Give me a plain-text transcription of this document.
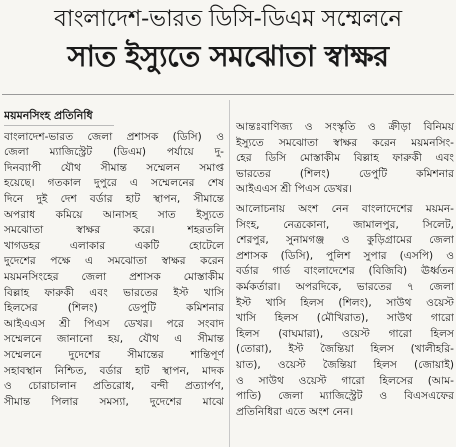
বাংলাদেশ-ভারত ডিসি-ডিএম সম্মেলনে
সাত ইস্যুতে সমঝোতা স্বাক্ষর
ময়মনসিংহ প্রতিনিধি
বাংলাদেশ-ভারত জেলা প্রশাসক (ডিসি) ও
জেলা ম্যাজিস্ট্রেট (ডিএম) পর্যায়ে দু-
দিনব্যাপী যৌথ সীমান্ত সম্মেলন সমাপ্ত
হয়েছে। গতকাল দুপুরে এ সম্মেলনের শেষ
দিনে দুই দেশ বর্ডার হাট স্থাপন, সীমান্তে
অপরাধ কমিয়ে আনাসহ সাত ইস্যুতে
সমঝোতা স্বাক্ষর করে। শহরতলি
খাগডহর এলাকার একটি হোটেলে
দুদেশের পক্ষে এ সমঝোতা স্বাক্ষর করেন
ময়মনসিংহের জেলা প্রশাসক মোস্তাকীম
বিল্লাহ ফারুকী এবং ভারতের ইস্ট খাসি
হিলসের (শিলং) ডেপুটি কমিশনার
আইএএস শ্রী পিএস ডেখর। পরে সংবাদ
সম্মেলনে জানানো হয়, যৌথ এ সীমান্ত
সম্মেলনে দুদেশের সীমান্তের শান্তিপূর্ণ
সহাবস্থান নিশ্চিত, বর্ডার হাট স্থাপন, মাদক
ও চোরাচালান প্রতিরোধ, বন্দী প্রত্যার্পণ,
সীমান্ত পিলার সমস্যা, দুদেশের মাঝে
আন্তঃবাণিজ্য ও সংস্কৃতি ও ক্রীড়া বিনিময়
ইস্যুতে সমঝোতা স্বাক্ষর করেন ময়মনসিং-
হের ডিসি মোস্তাকীম বিল্লাহ ফারুকী এবং
ভারতের (শিলং) ডেপুটি কমিশনার
আইএএস শ্রী পিএস ডেখর।
আলোচনায় অংশ নেন বাংলাদেশের ময়মন-
সিংহ, নেত্রকোনা, জামালপুর, সিলেট,
শেরপুর, সুনামগঞ্জ ও কুড়িগ্রামের জেলা
প্রশাসক (ডিসি), পুলিশ সুপার (এসপি) ও
বর্ডার গার্ড বাংলাদেশের (বিজিবি) ঊর্ধ্বতন
কর্মকর্তারা। অপরদিকে, ভারতের ৭ জেলা
ইস্ট খাসি হিলস (শিলং), সাউথ ওয়েস্ট
খাসি হিলস (মৌখিরাত), সাউথ গারো
হিলস (বাঘমারা), ওয়েস্ট গারো হিলস
(তোরা), ইস্ট জৈন্তিয়া হিলস (খালীহরি-
য়াত), ওয়েস্ট জৈন্তিয়া হিলস (জোয়াই)
ও সাউথ ওয়েস্ট গারো হিলসের (আম-
পাতি) জেলা ম্যাজিস্ট্রেট ও বিএসএফের
প্রতিনিধিরা এতে অংশ নেন।
